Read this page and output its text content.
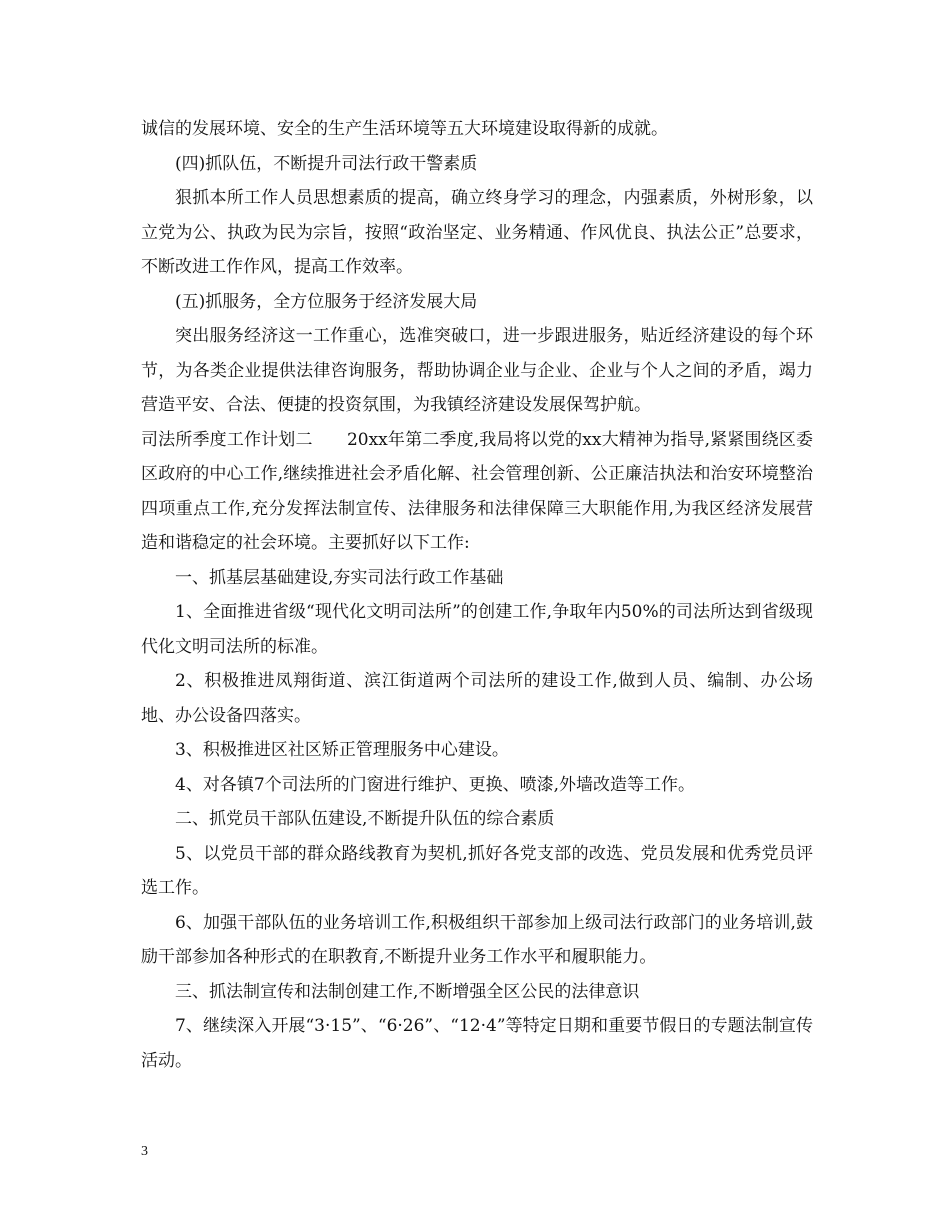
诚信的发展环境、安全的生产生活环境等五大环境建设取得新的成就。

(四)抓队伍，不断提升司法行政干警素质

狠抓本所工作人员思想素质的提高，确立终身学习的理念，内强素质，外树形象，以立党为公、执政为民为宗旨，按照“政治坚定、业务精通、作风优良、执法公正”总要求，不断改进工作作风，提高工作效率。

(五)抓服务，全方位服务于经济发展大局

突出服务经济这一工作重心，选准突破口，进一步跟进服务，贴近经济建设的每个环节，为各类企业提供法律咨询服务，帮助协调企业与企业、企业与个人之间的矛盾，竭力营造平安、合法、便捷的投资氛围，为我镇经济建设发展保驾护航。

司法所季度工作计划二　　20xx年第二季度,我局将以党的xx大精神为指导,紧紧围绕区委区政府的中心工作,继续推进社会矛盾化解、社会管理创新、公正廉洁执法和治安环境整治四项重点工作,充分发挥法制宣传、法律服务和法律保障三大职能作用,为我区经济发展营造和谐稳定的社会环境。主要抓好以下工作:

一、抓基层基础建设,夯实司法行政工作基础

1、全面推进省级“现代化文明司法所”的创建工作,争取年内50%的司法所达到省级现代化文明司法所的标准。

2、积极推进凤翔街道、滨江街道两个司法所的建设工作,做到人员、编制、办公场地、办公设备四落实。

3、积极推进区社区矫正管理服务中心建设。

4、对各镇7个司法所的门窗进行维护、更换、喷漆,外墙改造等工作。

二、抓党员干部队伍建设,不断提升队伍的综合素质

5、以党员干部的群众路线教育为契机,抓好各党支部的改选、党员发展和优秀党员评选工作。

6、加强干部队伍的业务培训工作,积极组织干部参加上级司法行政部门的业务培训,鼓励干部参加各种形式的在职教育,不断提升业务工作水平和履职能力。

三、抓法制宣传和法制创建工作,不断增强全区公民的法律意识

7、继续深入开展“3·15”、“6·26”、“12·4”等特定日期和重要节假日的专题法制宣传活动。

3
